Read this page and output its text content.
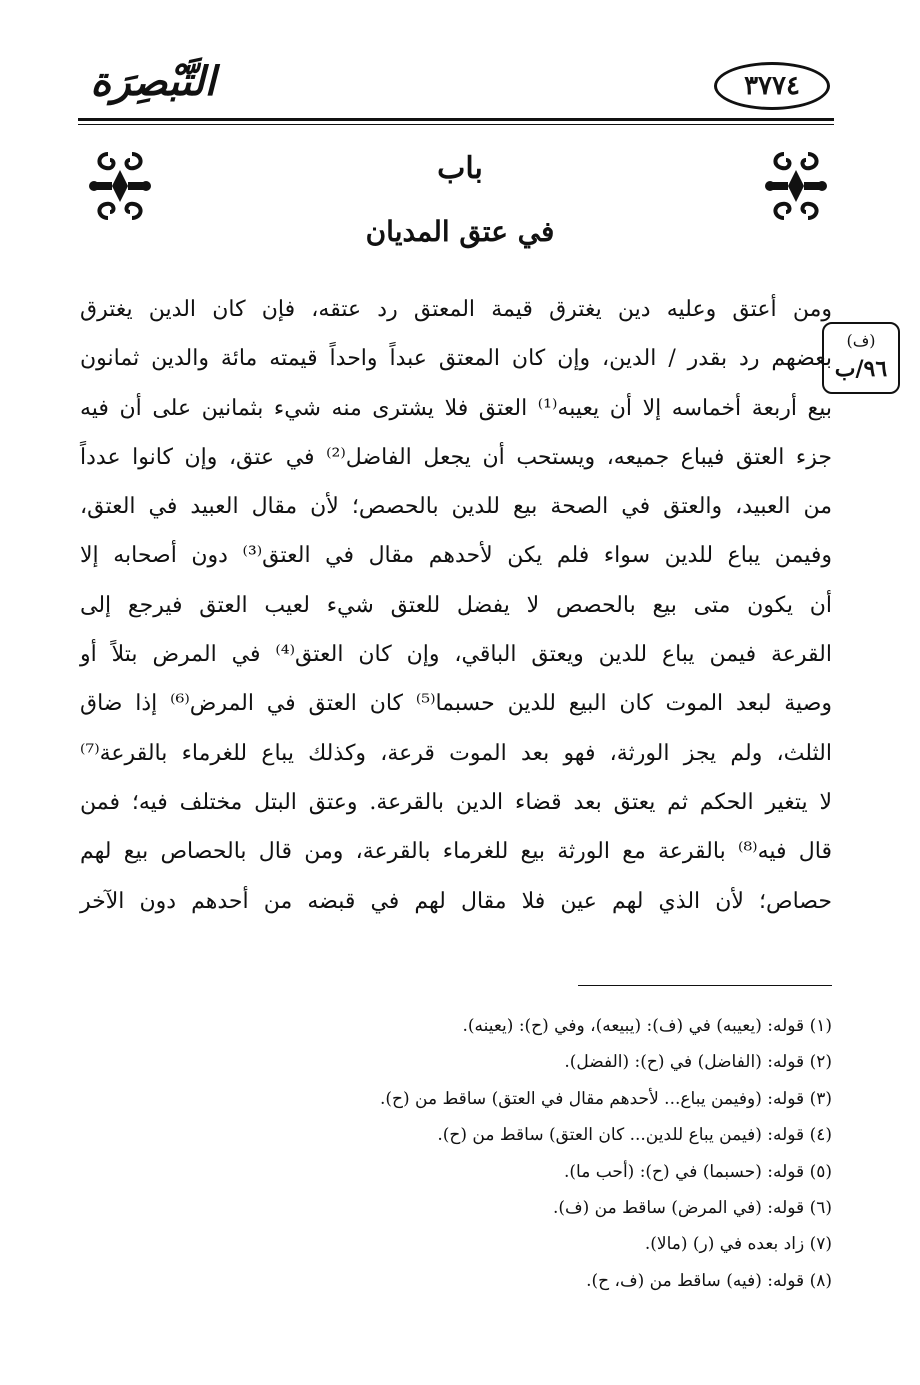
التَّبْصِرَة	٣٧٧٤
باب
في عتق المديان
(ف)
٩٦/ب
ومن أعتق وعليه دين يغترق قيمة المعتق رد عتقه، فإن كان الدين يغترق
بعضهم رد بقدر / الدين، وإن كان المعتق عبداً واحداً قيمته مائة والدين ثمانون
بيع أربعة أخماسه إلا أن يعيبه⁽¹⁾ العتق فلا يشترى منه شيء بثمانين على أن فيه
جزء العتق فيباع جميعه، ويستحب أن يجعل الفاضل⁽²⁾ في عتق، وإن كانوا عدداً
من العبيد، والعتق في الصحة بيع للدين بالحصص؛ لأن مقال العبيد في العتق،
وفيمن يباع للدين سواء فلم يكن لأحدهم مقال في العتق⁽³⁾ دون أصحابه إلا
أن يكون متى بيع بالحصص لا يفضل للعتق شيء لعيب العتق فيرجع إلى
القرعة فيمن يباع للدين ويعتق الباقي، وإن كان العتق⁽⁴⁾ في المرض بتلاً أو
وصية لبعد الموت كان البيع للدين حسبما⁽⁵⁾ كان العتق في المرض⁽⁶⁾ إذا ضاق
الثلث، ولم يجز الورثة، فهو بعد الموت قرعة، وكذلك يباع للغرماء بالقرعة⁽⁷⁾
لا يتغير الحكم ثم يعتق بعد قضاء الدين بالقرعة. وعتق البتل مختلف فيه؛ فمن
قال فيه⁽⁸⁾ بالقرعة مع الورثة بيع للغرماء بالقرعة، ومن قال بالحصاص بيع لهم
حصاص؛ لأن الذي لهم عين فلا مقال لهم في قبضه من أحدهم دون الآخر
(١) قوله: (يعيبه) في (ف): (يبيعه)، وفي (ح): (يعينه).
(٢) قوله: (الفاضل) في (ح): (الفضل).
(٣) قوله: (وفيمن يباع... لأحدهم مقال في العتق) ساقط من (ح).
(٤) قوله: (فيمن يباع للدين... كان العتق) ساقط من (ح).
(٥) قوله: (حسبما) في (ح): (أحب ما).
(٦) قوله: (في المرض) ساقط من (ف).
(٧) زاد بعده في (ر) (مالا).
(٨) قوله: (فيه) ساقط من (ف، ح).
